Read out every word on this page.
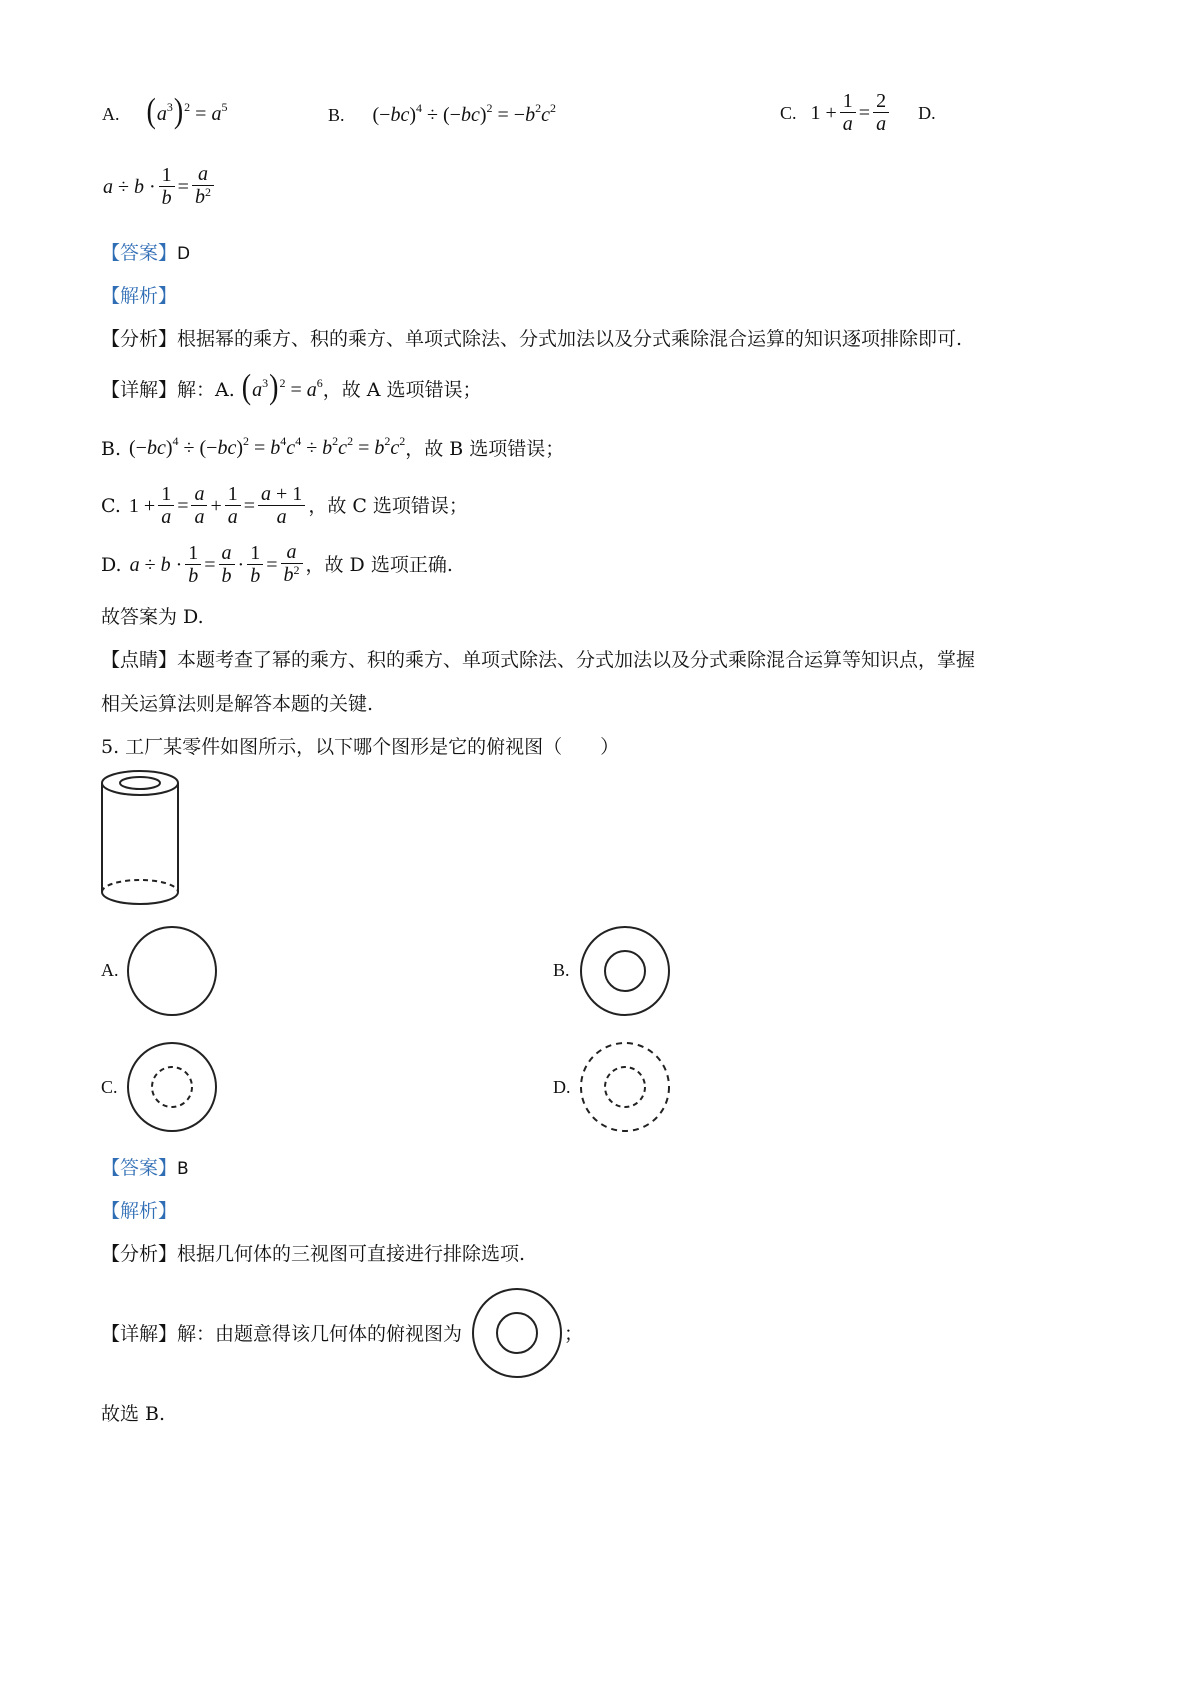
A. $(a^3)^2 = a^5$	B.  $(-bc)^4 \div (-bc)^2 = -b^2c^2$	C. $1 + \frac{1}{a} = \frac{2}{a} D$.
$a \div b \cdot \frac{1}{b} = \frac{a}{b^2}$
【答案】D
【解析】
【分析】根据幂的乘方、积的乘方、单项式除法、分式加法以及分式乘除混合运算的知识逐项排除即可.
【详解】 解：A. $(a^3)^2 = a^6$ ，故 A 选项错误；
B. $(-bc)^4 \div (-bc)^2 = b^4c^4 \div b^2c^2 = b^2c^2$ ，故 B 选项错误；
C. $1 + \frac{1}{a} = \frac{a}{a} + \frac{1}{a} = \frac{a + 1}{a}$ ，故 C 选项错误；
D. $a \div b \cdot \frac{1}{b} = \frac{a}{b} \cdot \frac{1}{b} = \frac{a}{b^2}$ ，故 D 选项正确.
故答案为 D.
【点睛】本题考查了幂的乘方、积的乘方、单项式除法、分式加法以及分式乘除混合运算等知识点，掌握
相关运算法则是解答本题的关键.
5. 工厂某零件如图所示，以下哪个图形是它的俯视图（　　）
A.	B.
C.	D.
【答案】B
【解析】
【分析】根据几何体的三视图可直接进行排除选项.
【详解】解：由题意得该几何体的俯视图为	；
故选 B.
